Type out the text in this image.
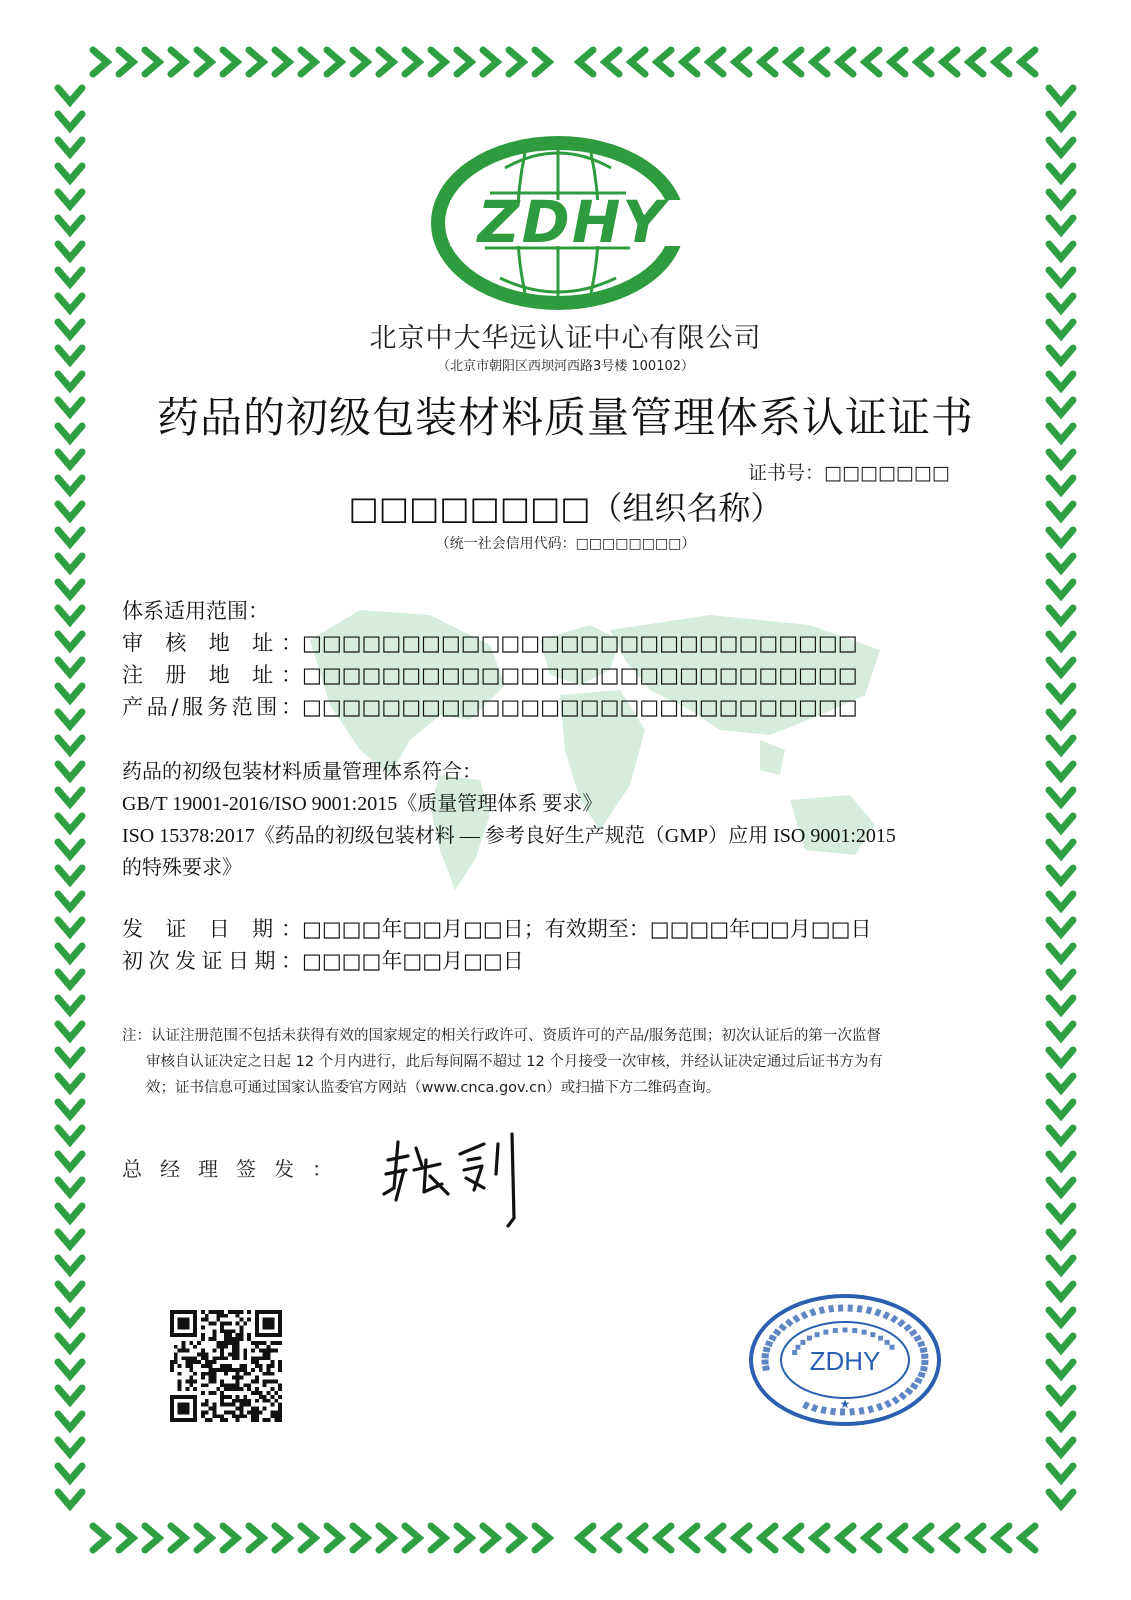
ZDHY
北京中大华远认证中心有限公司
（北京市朝阳区西坝河西路3号楼 100102）
药品的初级包装材料质量管理体系认证证书
证书号：□□□□□□□
□□□□□□□□（组织名称）
（统一社会信用代码：□□□□□□□□）
体系适用范围：
审 核 地 址：□□□□□□□□□□□□□□□□□□□□□□□□□□□□
注 册 地 址：□□□□□□□□□□□□□□□□□□□□□□□□□□□□
产品/服务范围：□□□□□□□□□□□□□□□□□□□□□□□□□□□□
药品的初级包装材料质量管理体系符合：
GB/T 19001-2016/ISO 9001:2015《质量管理体系 要求》
ISO 15378:2017《药品的初级包装材料 — 参考良好生产规范（GMP）应用 ISO 9001:2015
的特殊要求》
发 证 日 期：□□□□年□□月□□日；有效期至：□□□□年□□月□□日
初次发证日期：□□□□年□□月□□日
注：认证注册范围不包括未获得有效的国家规定的相关行政许可、资质许可的产品/服务范围；初次认证后的第一次监督
审核自认证决定之日起 12 个月内进行，此后每间隔不超过 12 个月接受一次审核，并经认证决定通过后证书方为有
效；证书信息可通过国家认监委官方网站（www.cnca.gov.cn）或扫描下方二维码查询。
总经理签发：
ZDHY
★
